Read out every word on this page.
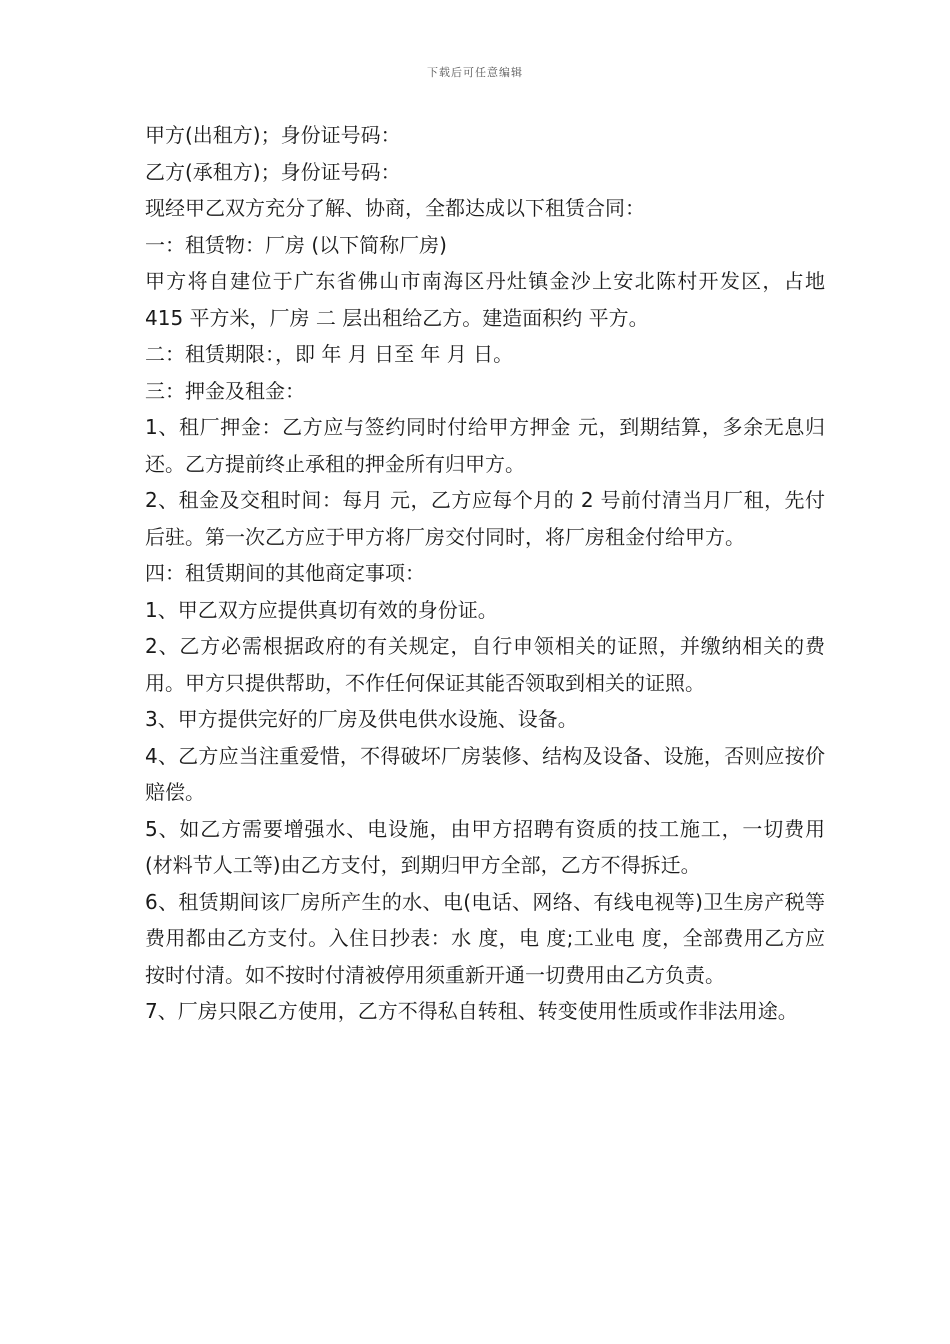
下载后可任意编辑

甲方(出租方)；身份证号码：

乙方(承租方)；身份证号码：

现经甲乙双方充分了解、协商，全都达成以下租赁合同：

一：租赁物：厂房 (以下简称厂房)

甲方将自建位于广东省佛山市南海区丹灶镇金沙上安北陈村开发区，占地 415 平方米，厂房 二 层出租给乙方。建造面积约 平方。

二：租赁期限：，即 年 月 日至 年 月 日。

三：押金及租金：

1、租厂押金：乙方应与签约同时付给甲方押金 元，到期结算，多余无息归还。乙方提前终止承租的押金所有归甲方。

2、租金及交租时间：每月 元，乙方应每个月的 2 号前付清当月厂租，先付后驻。第一次乙方应于甲方将厂房交付同时，将厂房租金付给甲方。

四：租赁期间的其他商定事项：

1、甲乙双方应提供真切有效的身份证。

2、乙方必需根据政府的有关规定，自行申领相关的证照，并缴纳相关的费用。甲方只提供帮助，不作任何保证其能否领取到相关的证照。

3、甲方提供完好的厂房及供电供水设施、设备。

4、乙方应当注重爱惜，不得破坏厂房装修、结构及设备、设施，否则应按价赔偿。

5、如乙方需要增强水、电设施，由甲方招聘有资质的技工施工，一切费用(材料节人工等)由乙方支付，到期归甲方全部，乙方不得拆迁。

6、租赁期间该厂房所产生的水、电(电话、网络、有线电视等)卫生房产税等费用都由乙方支付。入住日抄表：水 度，电 度;工业电 度，全部费用乙方应按时付清。如不按时付清被停用须重新开通一切费用由乙方负责。

7、厂房只限乙方使用，乙方不得私自转租、转变使用性质或作非法用途。
